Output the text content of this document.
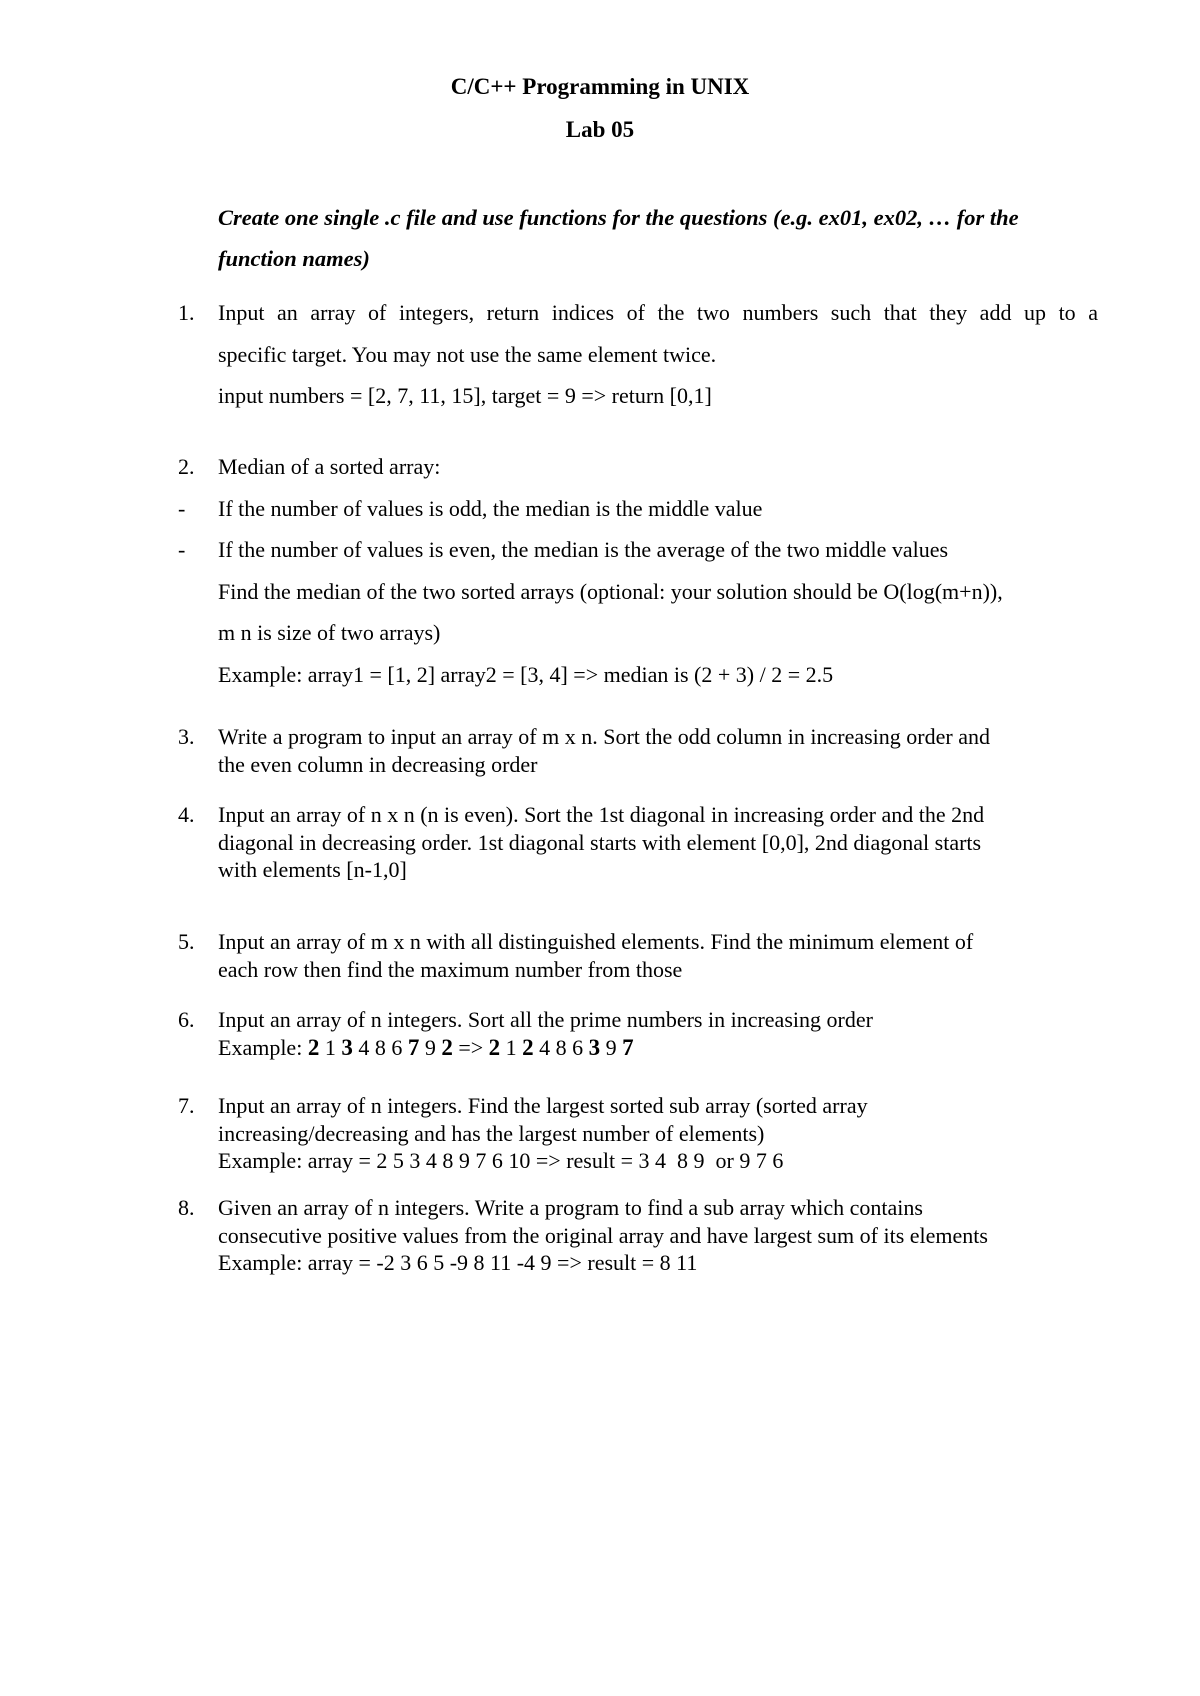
C/C++ Programming in UNIX
Lab 05
Create one single .c file and use functions for the questions (e.g. ex01, ex02, … for the
function names)
1.	Input an array of integers, return indices of the two numbers such that they add up to a
specific target. You may not use the same element twice.
input numbers = [2, 7, 11, 15], target = 9 => return [0,1]
2.	Median of a sorted array:
- If the number of values is odd, the median is the middle value
- If the number of values is even, the median is the average of the two middle values
Find the median of the two sorted arrays (optional: your solution should be O(log(m+n)),
m n is size of two arrays)
Example: array1 = [1, 2] array2 = [3, 4] => median is (2 + 3) / 2 = 2.5
3.	Write a program to input an array of m x n. Sort the odd column in increasing order and
the even column in decreasing order
4.	Input an array of n x n (n is even). Sort the 1st diagonal in increasing order and the 2nd
diagonal in decreasing order. 1st diagonal starts with element [0,0], 2nd diagonal starts
with elements [n-1,0]
5.	Input an array of m x n with all distinguished elements. Find the minimum element of
each row then find the maximum number from those
6.	Input an array of n integers. Sort all the prime numbers in increasing order
Example: 2 1 3 4 8 6 7 9 2 => 2 1 2 4 8 6 3 9 7
7.	Input an array of n integers. Find the largest sorted sub array (sorted array
increasing/decreasing and has the largest number of elements)
Example: array = 2 5 3 4 8 9 7 6 10 => result = 3 4  8 9  or 9 7 6
8.	Given an array of n integers. Write a program to find a sub array which contains
consecutive positive values from the original array and have largest sum of its elements
Example: array = -2 3 6 5 -9 8 11 -4 9 => result = 8 11
